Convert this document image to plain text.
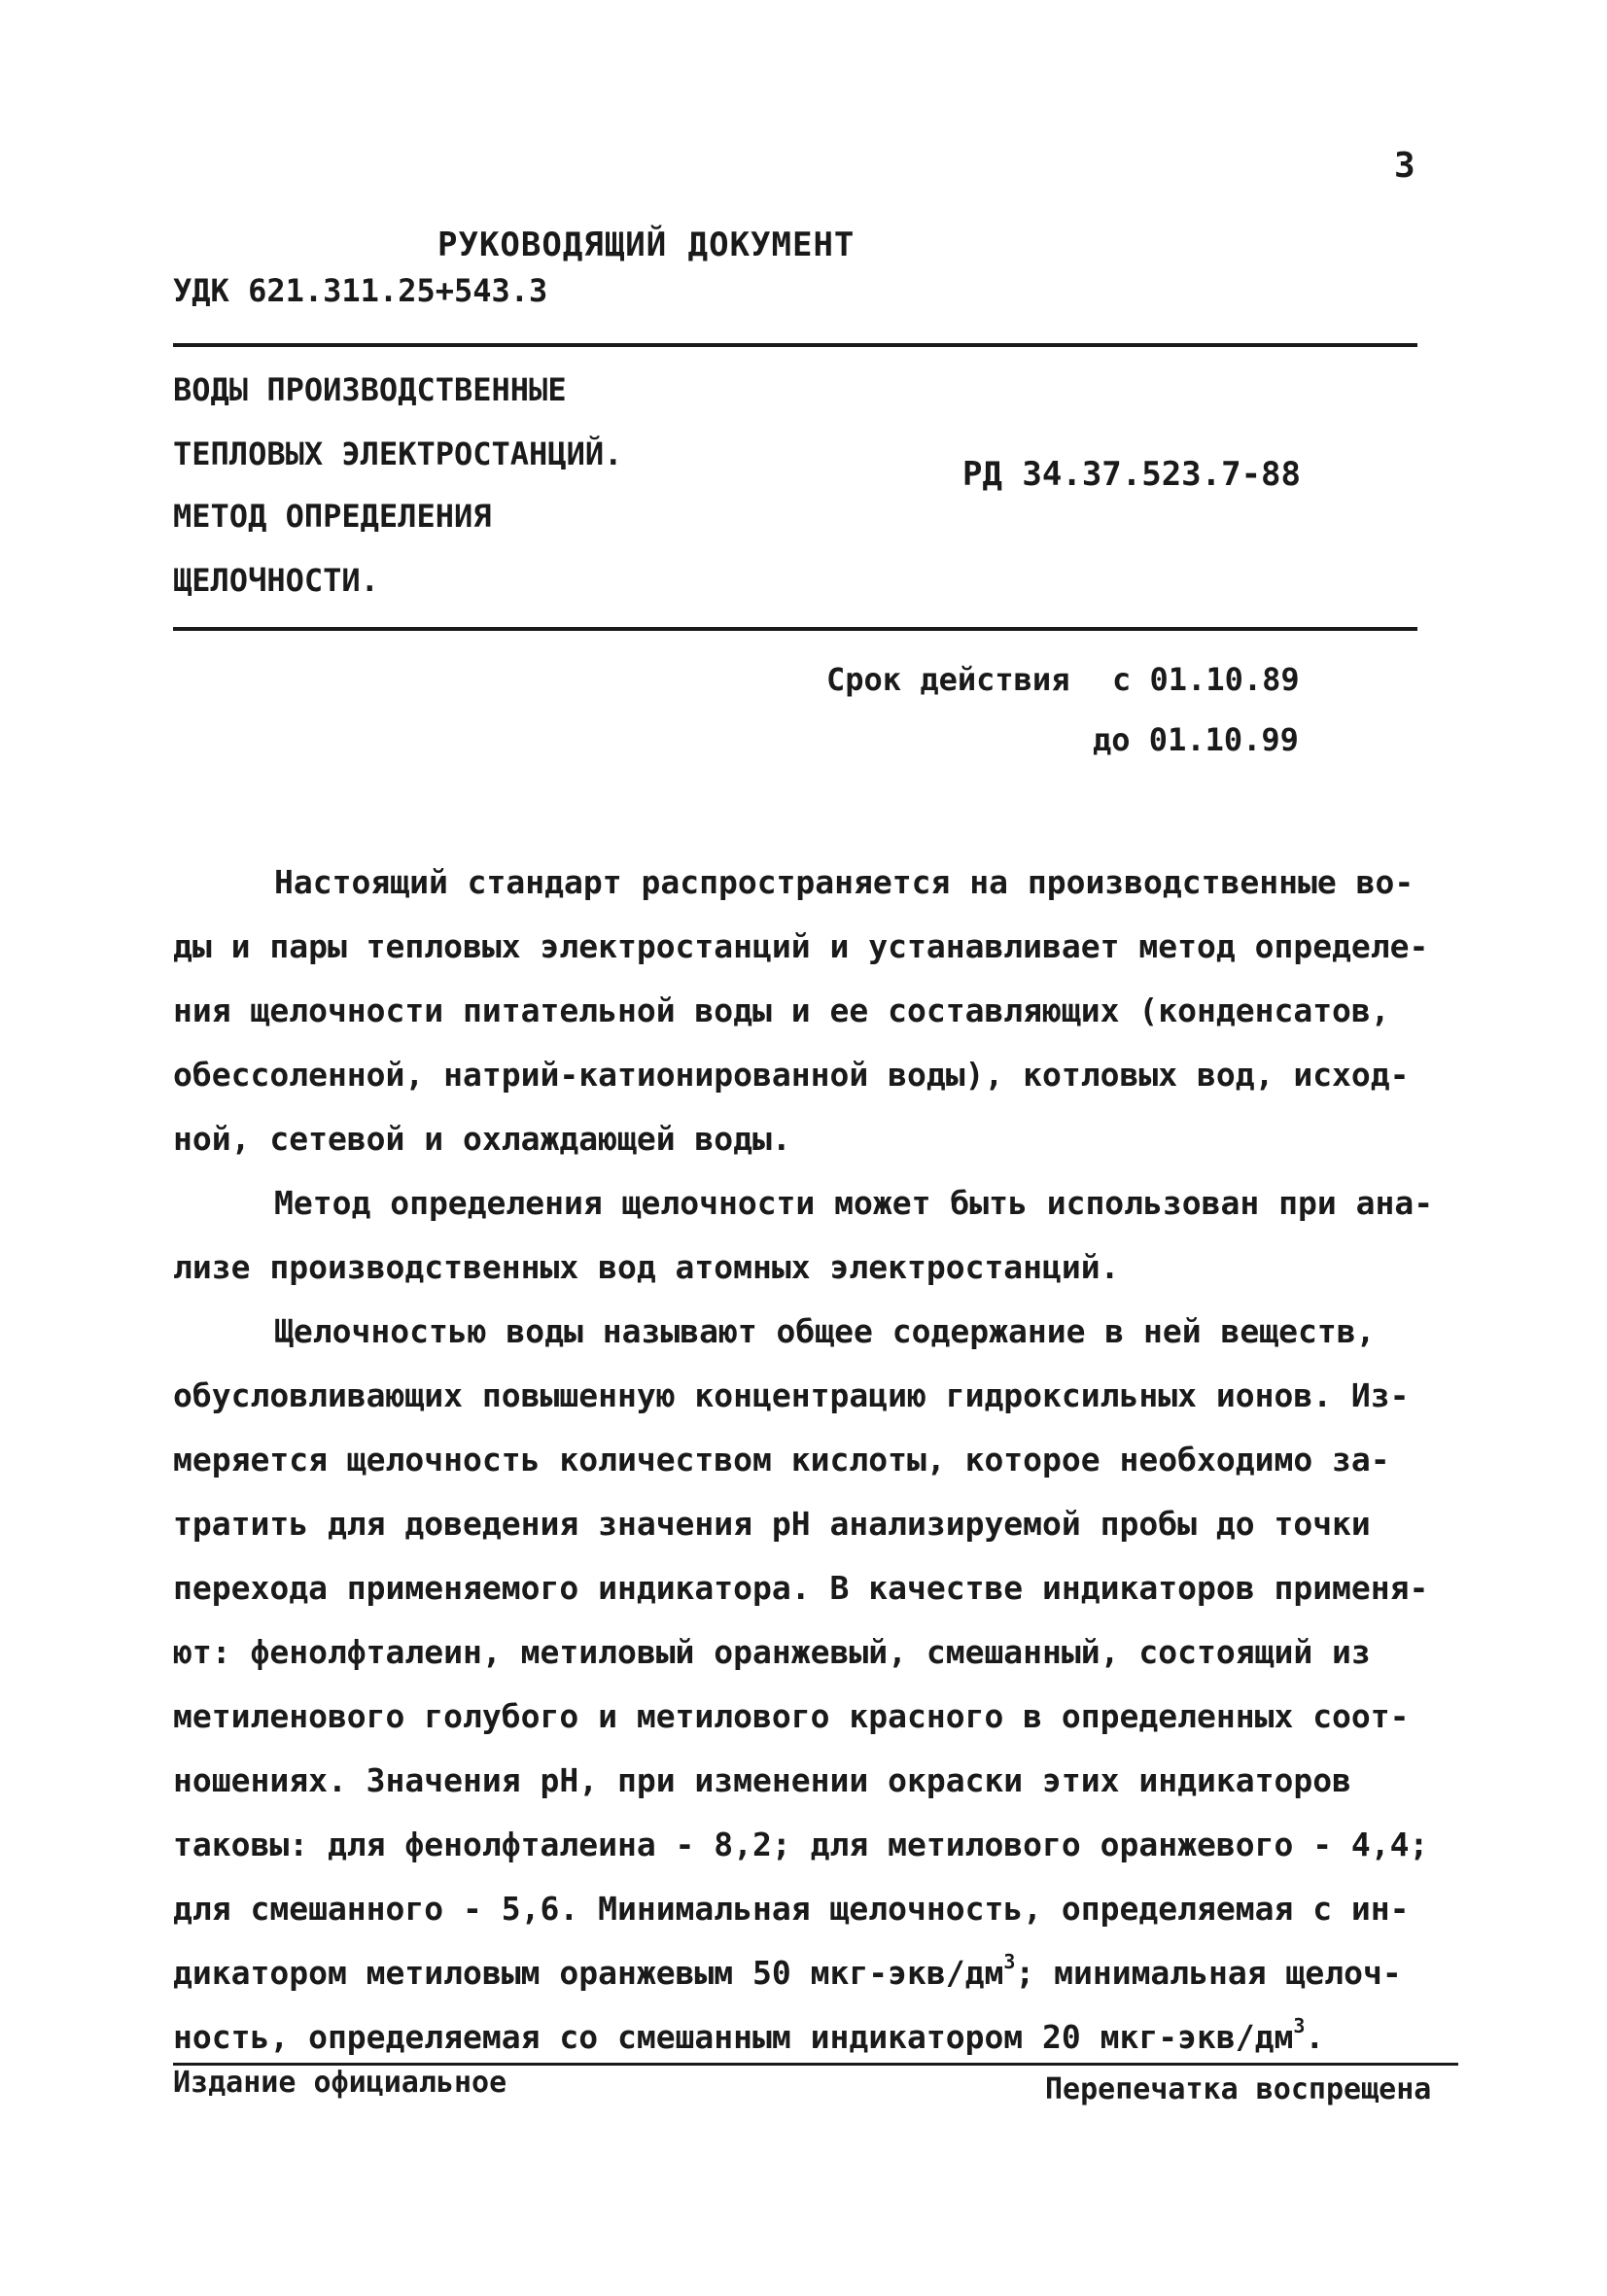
3
РУКОВОДЯЩИЙ ДОКУМЕНТ
УДК 621.311.25+543.3
ВОДЫ ПРОИЗВОДСТВЕННЫЕ
ТЕПЛОВЫХ ЭЛЕКТРОСТАНЦИЙ.
МЕТОД ОПРЕДЕЛЕНИЯ
ЩЕЛОЧНОСТИ.
РД 34.37.523.7-88
Срок действия с 01.10.89
до 01.10.99
Настоящий стандарт распространяется на производственные во-
ды и пары тепловых электростанций и устанавливает метод определе-
ния щелочности питательной воды и ее составляющих (конденсатов,
обессоленной, натрий-катионированной воды), котловых вод, исход-
ной, сетевой и охлаждающей воды.
Метод определения щелочности может быть использован при ана-
лизе производственных вод атомных электростанций.
Щелочностью воды называют общее содержание в ней веществ,
обусловливающих повышенную концентрацию гидроксильных ионов. Из-
меряется щелочность количеством кислоты, которое необходимо за-
тратить для доведения значения pH анализируемой пробы до точки
перехода применяемого индикатора. В качестве индикаторов применя-
ют: фенолфталеин, метиловый оранжевый, смешанный, состоящий из
метиленового голубого и метилового красного в определенных соот-
ношениях. Значения pH, при изменении окраски этих индикаторов
таковы: для фенолфталеина - 8,2; для метилового оранжевого - 4,4;
для смешанного - 5,6. Минимальная щелочность, определяемая с ин-
дикатором метиловым оранжевым 50 мкг-$экв/дм^3$; минимальная щелоч-
ность, определяемая со смешанным индикатором 20 мкг-$экв/дм^3$.
Издание официальное	Перепечатка воспрещена
